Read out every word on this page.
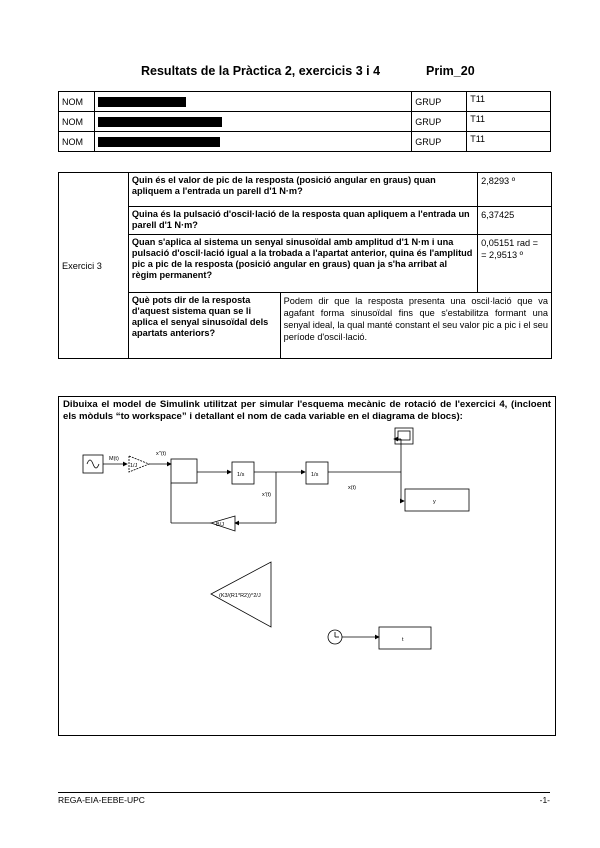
Resultats de la Pràctica 2, exercicis 3 i 4	Prim_20
NOM		GRUP	T11
NOM		GRUP	T11
NOM		GRUP	T11
Exercici 3	Quin és el valor de pic de la resposta (posició angular en graus) quan apliquem a l'entrada un parell d'1 N·m?		2,8293 º
	Quina és la pulsació d'oscil·lació de la resposta quan apliquem a l'entrada un parell d'1 N·m?		6,37425
	Quan s'aplica al sistema un senyal sinusoïdal amb amplitud d'1 N·m i una pulsació d'oscil·lació igual a la trobada a l'apartat anterior, quina és l'amplitud pic a pic de la resposta (posició angular en graus) quan ja s'ha arribat al règim permanent?		0,05151 rad =
= 2,9513 º

	Què pots dir de la resposta d'aquest sistema quan se li aplica el senyal sinusoïdal dels apartats anteriors?	Podem dir que la resposta presenta una oscil·lació que va agafant forma sinusoïdal fins que s'estabilitza formant una senyal ideal, la qual manté constant el seu valor pic a pic i el seu període d'oscil·lació.	
Dibuixa el model de Simulink utilitzat per simular l'esquema mecànic de rotació de l'exercici 4, (incloent els mòduls “to workspace” i detallant el nom de cada variable en el diagrama de blocs):
M(t)
1/J
x''(t)
1/s	1/s
x'(t)
x(t)
B/J
(K3/(R1*R2))^2/J
y
t
REGA-EIA-EEBE-UPC	-1-
